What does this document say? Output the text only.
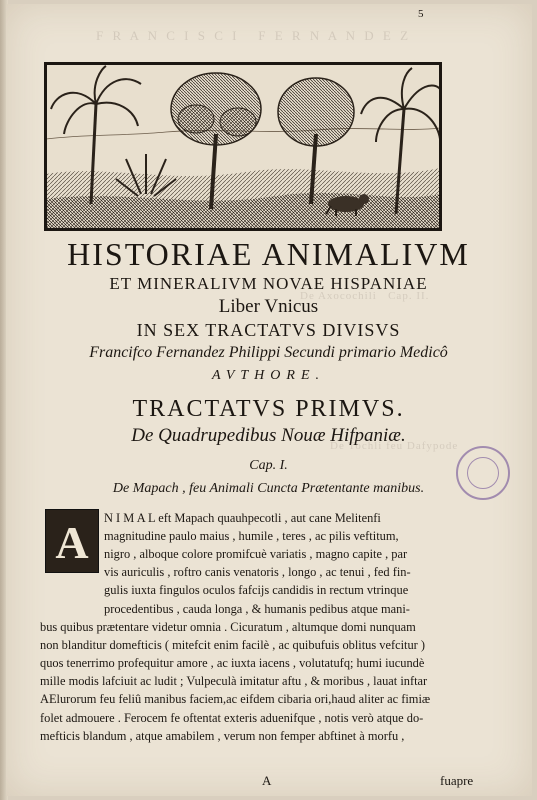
F R A N C I S C I   F E R N A N D E Z
De Axocochili   Cap. II.
De Tochli feu Dafypode
5
HISTORIAE ANIMALIVM
ET MINERALIVM NOVAE HISPANIAE
Liber Vnicus
IN SEX TRACTATVS DIVISVS
Francifco Fernandez Philippi Secundi primario Medicô
AVTHORE.
TRACTATVS PRIMVS.
De Quadrupedibus Nouæ Hifpaniæ.
Cap. I.
De Mapach , feu Animali Cuncta Prætentante manibus.
A	N I M A L eft Mapach quauhpecotli , aut cane Melitenfi
magnitudine paulo maius , humile , teres , ac pilis veftitum,
nigro , alboque colore promifcuè variatis , magno capite , par
vis auriculis , roftro canis venatoris , longo , ac tenui , fed fin-
gulis iuxta fingulos oculos fafcijs candidis in rectum vtrinque
procedentibus , cauda longa , & humanis pedibus atque mani-
bus quibus prætentare videtur omnia . Cicuratum , altumque domi nunquam
non blanditur domefticis ( mitefcit enim facilè , ac quibufuis oblitus vefcitur )
quos tenerrimo profequitur amore , ac iuxta iacens , volutatufq; humi iucundè
mille modis lafciuit ac ludit ; Vulpeculà imitatur aftu , & moribus , lauat inftar
AElurorum feu feliû manibus faciem,ac eifdem cibaria ori,haud aliter ac fimiæ
folet admouere . Ferocem fe oftentat exteris aduenifque , notis verò atque do-
mefticis blandum , atque amabilem , verum non femper abftinet à morfu ,
A	fuapre
